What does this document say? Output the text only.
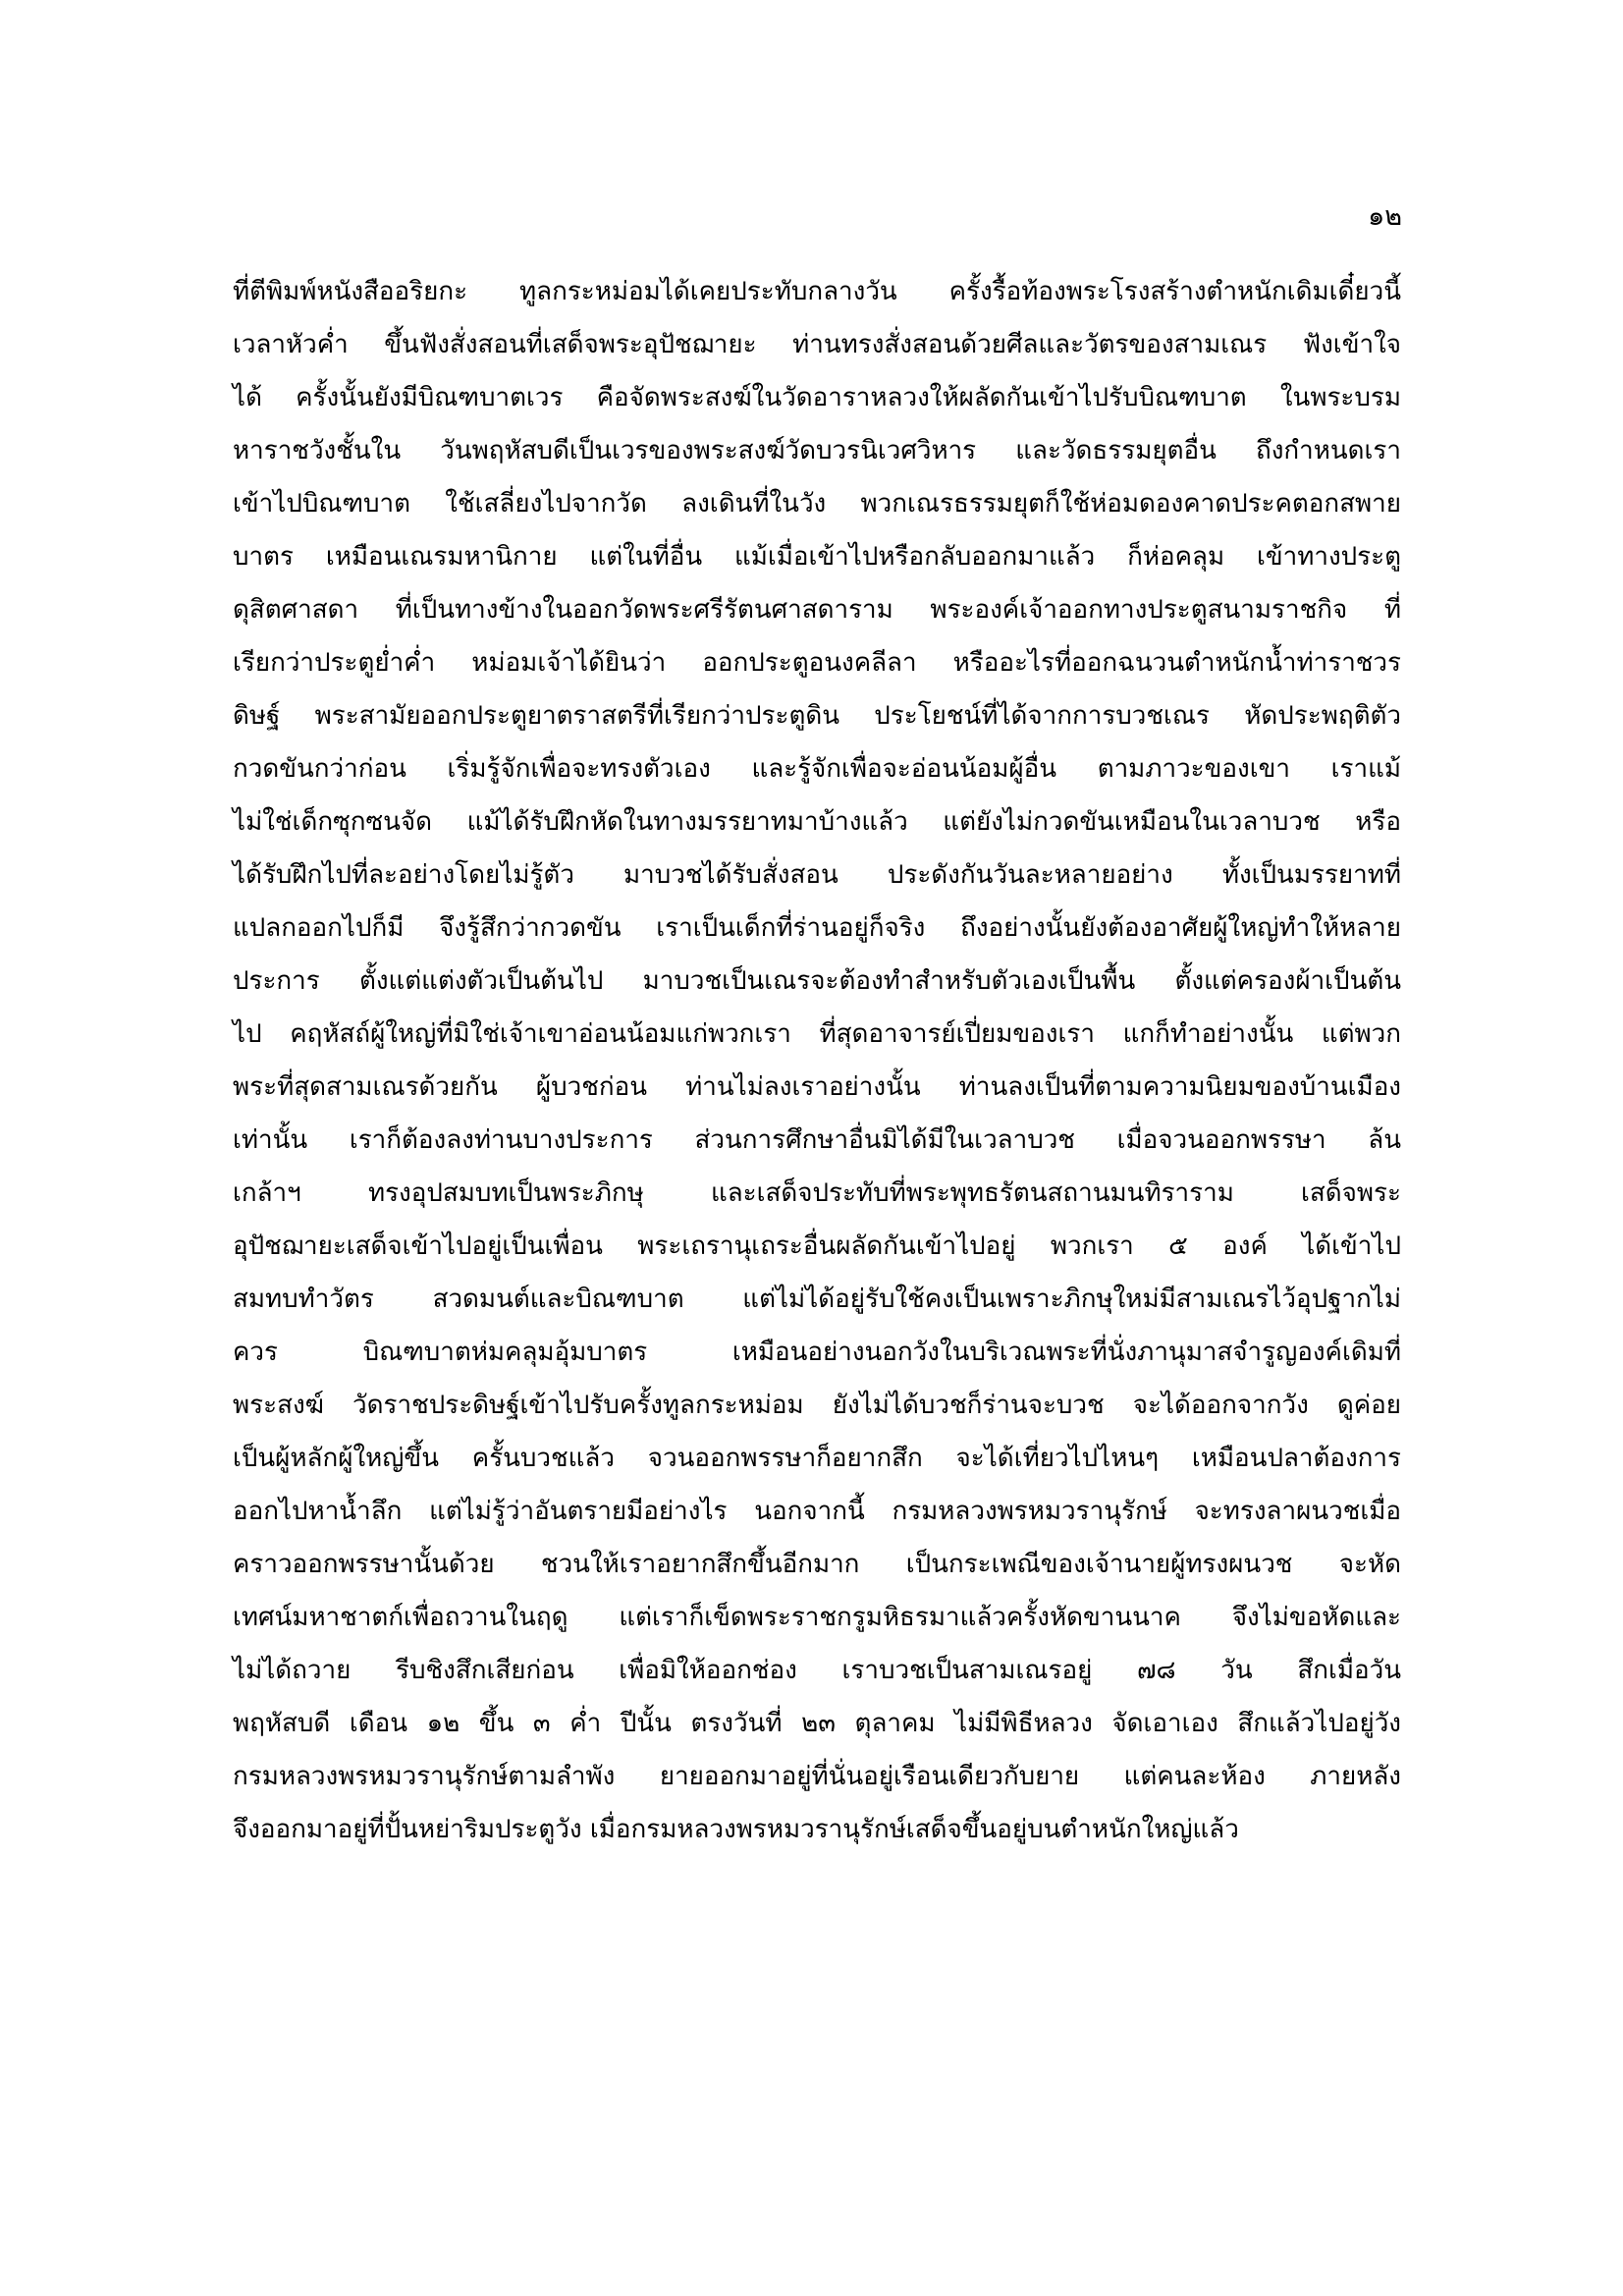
๑๒
ที่ตีพิมพ์หนังสืออริยกะ ทูลกระหม่อมได้เคยประทับกลางวัน ครั้งรื้อท้องพระโรงสร้างตำหนักเดิมเดี๋ยวนี้
เวลาหัวค่ำ ขึ้นฟังสั่งสอนที่เสด็จพระอุปัชฌายะ ท่านทรงสั่งสอนด้วยศีลและวัตรของสามเณร ฟังเข้าใจ
ได้ ครั้งนั้นยังมีบิณฑบาตเวร คือจัดพระสงฆ์ในวัดอาราหลวงให้ผลัดกันเข้าไปรับบิณฑบาต ในพระบรม
หาราชวังชั้นใน วันพฤหัสบดีเป็นเวรของพระสงฆ์วัดบวรนิเวศวิหาร และวัดธรรมยุตอื่น ถึงกำหนดเรา
เข้าไปบิณฑบาต ใช้เสลี่ยงไปจากวัด ลงเดินที่ในวัง พวกเณรธรรมยุตก็ใช้ห่อมดองคาดประคตอกสพาย
บาตร เหมือนเณรมหานิกาย แต่ในที่อื่น แม้เมื่อเข้าไปหรือกลับออกมาแล้ว ก็ห่อคลุม เข้าทางประตู
ดุสิตศาสดา ที่เป็นทางข้างในออกวัดพระศรีรัตนศาสดาราม พระองค์เจ้าออกทางประตูสนามราชกิจ ที่
เรียกว่าประตูย่ำค่ำ หม่อมเจ้าได้ยินว่า ออกประตูอนงคลีลา หรืออะไรที่ออกฉนวนตำหนักน้ำท่าราชวร
ดิษฐ์ พระสามัยออกประตูยาตราสตรีที่เรียกว่าประตูดิน ประโยชน์ที่ได้จากการบวชเณร หัดประพฤติตัว
กวดขันกว่าก่อน เริ่มรู้จักเพื่อจะทรงตัวเอง และรู้จักเพื่อจะอ่อนน้อมผู้อื่น ตามภาวะของเขา เราแม้
ไม่ใช่เด็กซุกซนจัด แม้ได้รับฝึกหัดในทางมรรยาทมาบ้างแล้ว แต่ยังไม่กวดขันเหมือนในเวลาบวช หรือ
ได้รับฝึกไปที่ละอย่างโดยไม่รู้ตัว มาบวชได้รับสั่งสอน ประดังกันวันละหลายอย่าง ทั้งเป็นมรรยาทที่
แปลกออกไปก็มี จึงรู้สึกว่ากวดขัน เราเป็นเด็กที่ร่านอยู่ก็จริง ถึงอย่างนั้นยังต้องอาศัยผู้ใหญ่ทำให้หลาย
ประการ ตั้งแต่แต่งตัวเป็นต้นไป มาบวชเป็นเณรจะต้องทำสำหรับตัวเองเป็นพื้น ตั้งแต่ครองผ้าเป็นต้น
ไป คฤหัสถ์ผู้ใหญ่ที่มิใช่เจ้าเขาอ่อนน้อมแก่พวกเรา ที่สุดอาจารย์เปี่ยมของเรา แกก็ทำอย่างนั้น แต่พวก
พระที่สุดสามเณรด้วยกัน ผู้บวชก่อน ท่านไม่ลงเราอย่างนั้น ท่านลงเป็นที่ตามความนิยมของบ้านเมือง
เท่านั้น เราก็ต้องลงท่านบางประการ ส่วนการศึกษาอื่นมิได้มีในเวลาบวช เมื่อจวนออกพรรษา ล้น
เกล้าฯ ทรงอุปสมบทเป็นพระภิกษุ และเสด็จประทับที่พระพุทธรัตนสถานมนทิราราม เสด็จพระ
อุปัชฌายะเสด็จเข้าไปอยู่เป็นเพื่อน พระเถรานุเถระอื่นผลัดกันเข้าไปอยู่ พวกเรา ๕ องค์ ได้เข้าไป
สมทบทำวัตร สวดมนต์และบิณฑบาต แต่ไม่ได้อยู่รับใช้คงเป็นเพราะภิกษุใหม่มีสามเณรไว้อุปฐากไม่
ควร บิณฑบาตห่มคลุมอุ้มบาตร เหมือนอย่างนอกวังในบริเวณพระที่นั่งภานุมาสจำรูญองค์เดิมที่
พระสงฆ์ วัดราชประดิษฐ์เข้าไปรับครั้งทูลกระหม่อม ยังไม่ได้บวชก็ร่านจะบวช จะได้ออกจากวัง ดูค่อย
เป็นผู้หลักผู้ใหญ่ขึ้น ครั้นบวชแล้ว จวนออกพรรษาก็อยากสึก จะได้เที่ยวไปไหนๆ เหมือนปลาต้องการ
ออกไปหาน้ำลึก แต่ไม่รู้ว่าอันตรายมีอย่างไร นอกจากนี้ กรมหลวงพรหมวรานุรักษ์ จะทรงลาผนวชเมื่อ
คราวออกพรรษานั้นด้วย ชวนให้เราอยากสึกขึ้นอีกมาก เป็นกระเพณีของเจ้านายผู้ทรงผนวช จะหัด
เทศน์มหาชาตก์เพื่อถวานในฤดู แต่เราก็เข็ดพระราชกรูมหิธรมาแล้วครั้งหัดขานนาค จึงไม่ขอหัดและ
ไม่ได้ถวาย รีบชิงสึกเสียก่อน เพื่อมิให้ออกช่อง เราบวชเป็นสามเณรอยู่ ๗๘ วัน สึกเมื่อวัน
พฤหัสบดี เดือน ๑๒ ขึ้น ๓ ค่ำ ปีนั้น ตรงวันที่ ๒๓ ตุลาคม ไม่มีพิธีหลวง จัดเอาเอง สึกแล้วไปอยู่วัง
กรมหลวงพรหมวรานุรักษ์ตามลำพัง ยายออกมาอยู่ที่นั่นอยู่เรือนเดียวกับยาย แต่คนละห้อง ภายหลัง
จึงออกมาอยู่ที่ปั้นหย่าริมประตูวัง เมื่อกรมหลวงพรหมวรานุรักษ์เสด็จขึ้นอยู่บนตำหนักใหญ่แล้ว
